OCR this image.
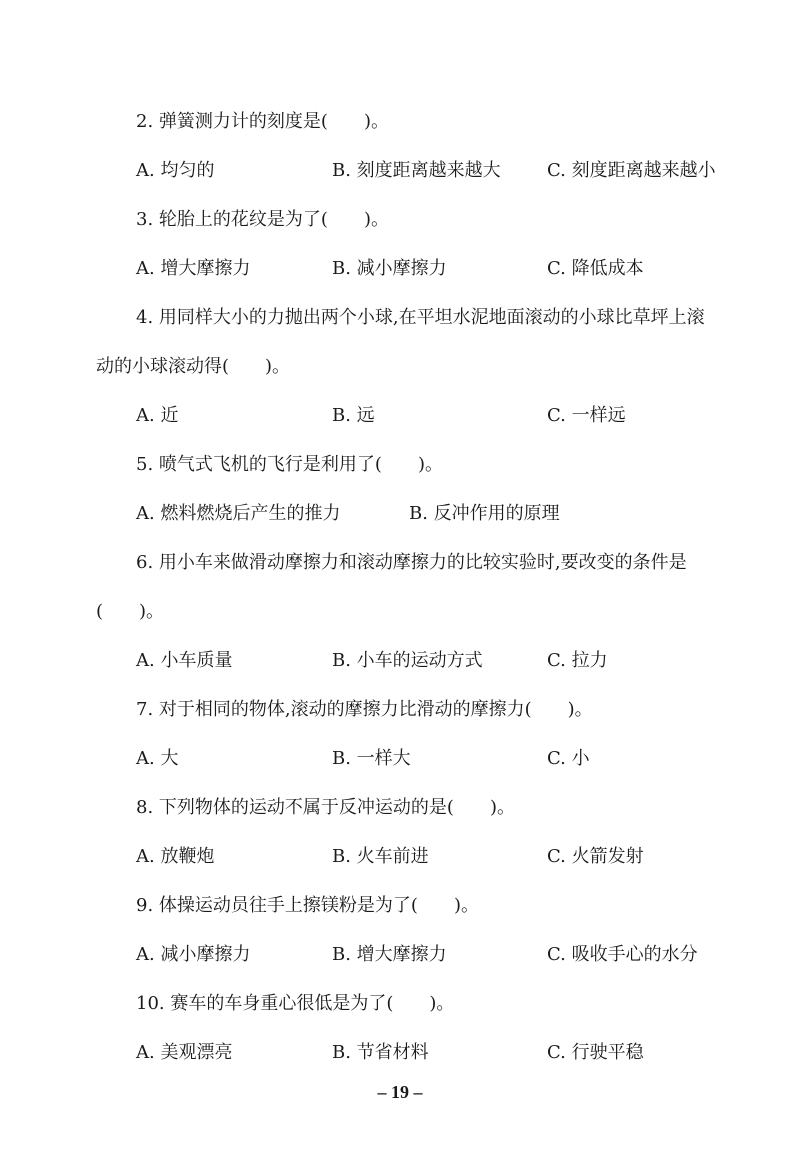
2. 弹簧测力计的刻度是(　　)。
A. 均匀的	B. 刻度距离越来越大	C. 刻度距离越来越小
3. 轮胎上的花纹是为了(　　)。
A. 增大摩擦力	B. 减小摩擦力	C. 降低成本
4. 用同样大小的力抛出两个小球,在平坦水泥地面滚动的小球比草坪上滚
动的小球滚动得(　　)。
A. 近	B. 远	C. 一样远
5. 喷气式飞机的飞行是利用了(　　)。
A. 燃料燃烧后产生的推力	B. 反冲作用的原理
6. 用小车来做滑动摩擦力和滚动摩擦力的比较实验时,要改变的条件是
(　　)。
A. 小车质量	B. 小车的运动方式	C. 拉力
7. 对于相同的物体,滚动的摩擦力比滑动的摩擦力(　　)。
A. 大	B. 一样大	C. 小
8. 下列物体的运动不属于反冲运动的是(　　)。
A. 放鞭炮	B. 火车前进	C. 火箭发射
9. 体操运动员往手上擦镁粉是为了(　　)。
A. 减小摩擦力	B. 增大摩擦力	C. 吸收手心的水分
10. 赛车的车身重心很低是为了(　　)。
A. 美观漂亮	B. 节省材料	C. 行驶平稳
– 19 –
